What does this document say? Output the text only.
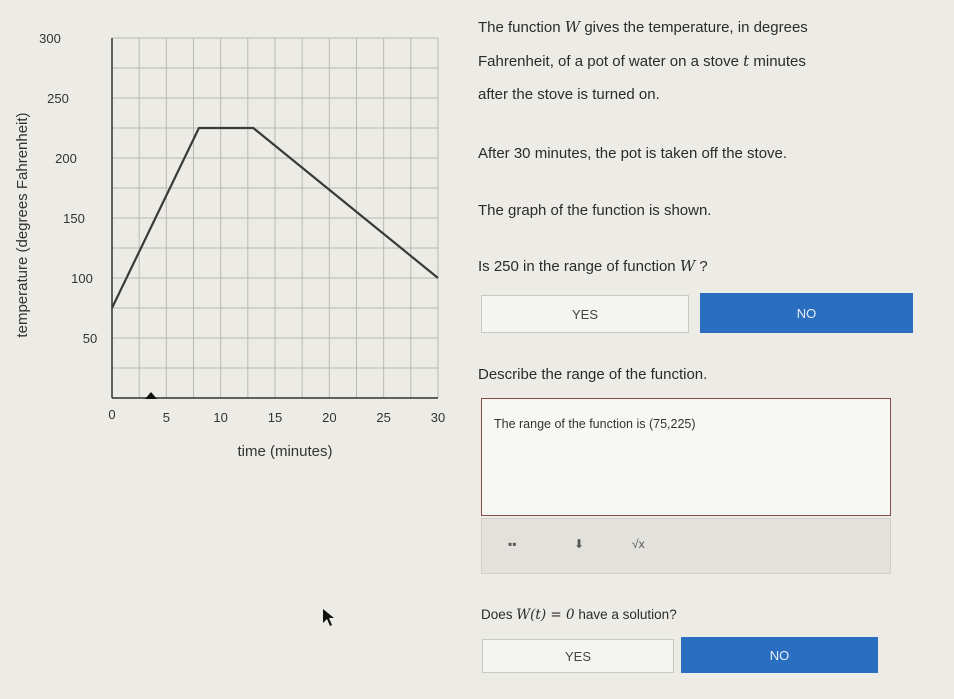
5	10	15	20	25	30
50
100
150
200
250
300
0
time (minutes)
temperature (degrees Fahrenheit)
The function W gives the temperature, in degrees
Fahrenheit, of a pot of water on a stove t minutes
after the stove is turned on.
After 30 minutes, the pot is taken off the stove.
The graph of the function is shown.
Is 250 in the range of function W ?
YES	NO
Describe the range of the function.
The range of the function is (75,225)
▪▪	⬇	√x
Does W(t) = 0 have a solution?
YES	NO
